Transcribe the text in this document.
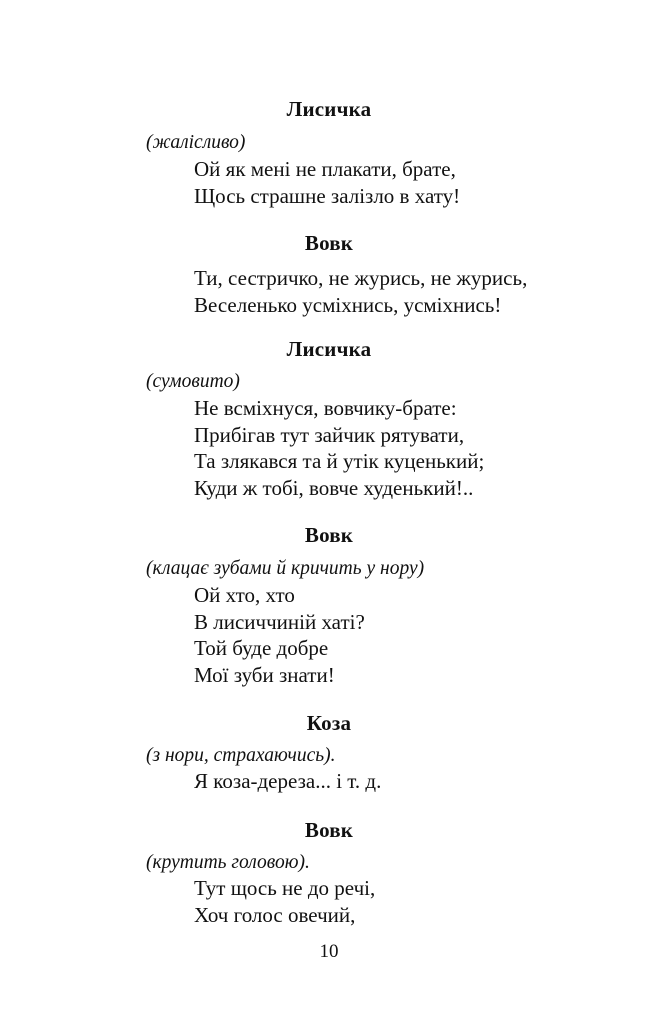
Лисичка
(жалісливо)
Ой як мені не плакати, брате,
Щось страшне залізло в хату!
Вовк
Ти, сестричко, не журись, не журись,
Веселенько усміхнись, усміхнись!
Лисичка
(сумовито)
Не всміхнуся, вовчику-брате:
Прибігав тут зайчик рятувати,
Та злякався та й утік куценький;
Куди ж тобі, вовче худенький!..
Вовк
(клацає зубами й кричить у нору)
Ой хто, хто
В лисиччиній хаті?
Той буде добре
Мої зуби знати!
Коза
(з нори, страхаючись).
Я коза-дереза... і т. д.
Вовк
(крутить головою).
Тут щось не до речі,
Хоч голос овечий,
10
